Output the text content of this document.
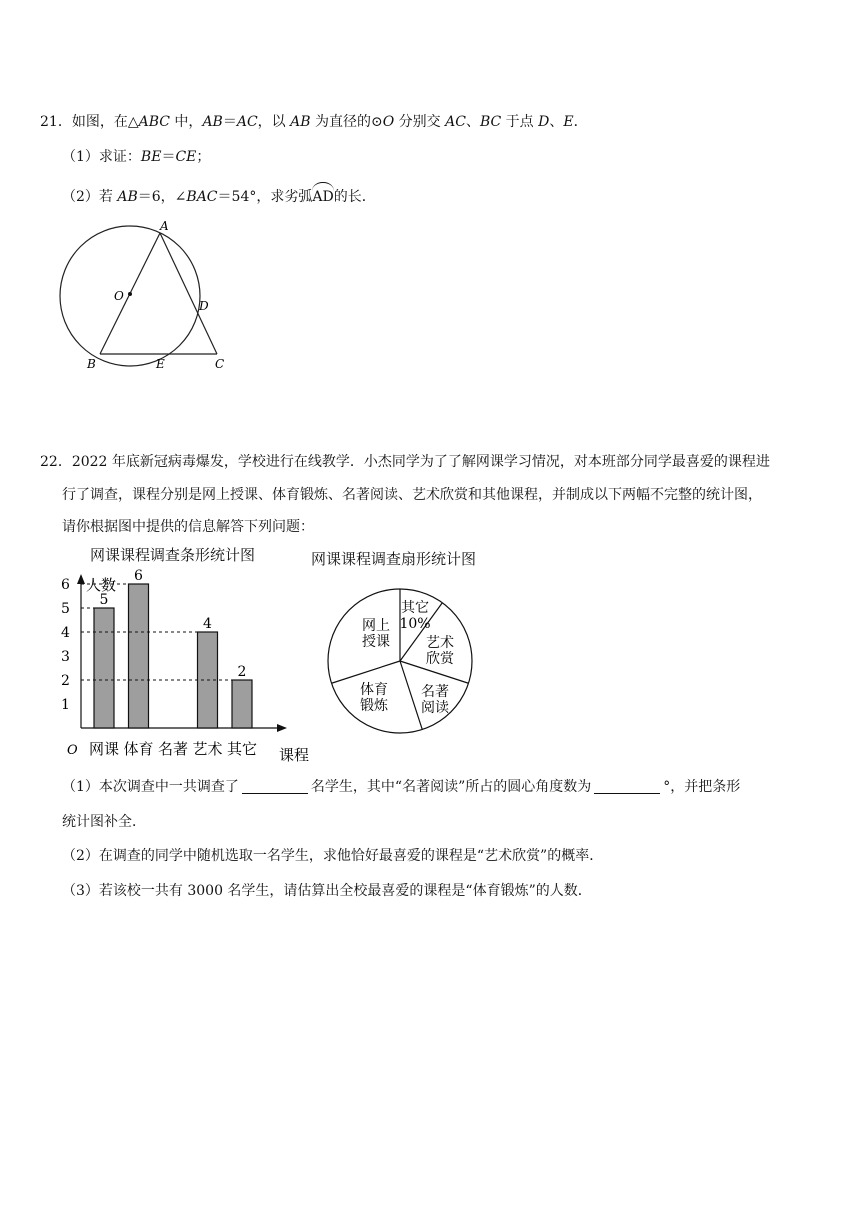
21．如图，在△ABC 中，AB＝AC，以 AB 为直径的⊙O 分别交 AC、BC 于点 D、E．
（1）求证：BE＝CE；
（2）若 AB＝6，∠BAC＝54°，求劣弧AD的长．
A
O
D
B	E	C
22．2022 年底新冠病毒爆发，学校进行在线教学．小杰同学为了了解网课学习情况，对本班部分同学最喜爱的课程进
行了调查，课程分别是网上授课、体育锻炼、名著阅读、艺术欣赏和其他课程，并制成以下两幅不完整的统计图，
请你根据图中提供的信息解答下列问题：
网课课程调查条形统计图	网课课程调查扇形统计图
人数
课程
O
1
2
3
4
5
6
5
网课
6
体育 名著
4
艺术
2
其它
其它
10%
艺术
欣赏
名著
阅读
体育
锻炼
网上
授课
（1）本次调查中一共调查了	名学生，其中“名著阅读”所占的圆心角度数为	°，并把条形
统计图补全．
（2）在调查的同学中随机选取一名学生，求他恰好最喜爱的课程是“艺术欣赏”的概率．
（3）若该校一共有 3000 名学生，请估算出全校最喜爱的课程是“体育锻炼”的人数．
